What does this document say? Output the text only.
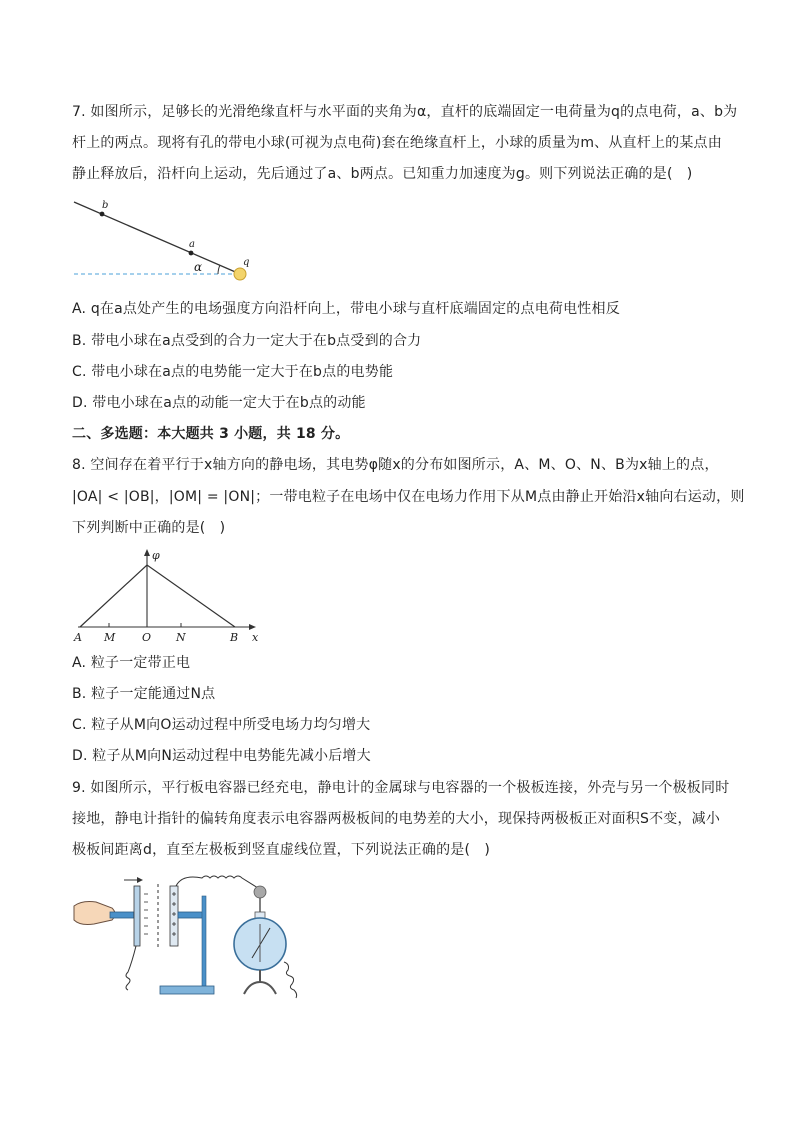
7. 如图所示，足够长的光滑绝缘直杆与水平面的夹角为α，直杆的底端固定一电荷量为q的点电荷，a、b为
杆上的两点。现将有孔的带电小球(可视为点电荷)套在绝缘直杆上，小球的质量为m、从直杆上的某点由
静止释放后，沿杆向上运动，先后通过了a、b两点。已知重力加速度为g。则下列说法正确的是(　)
b
a
α	q
A. q在a点处产生的电场强度方向沿杆向上，带电小球与直杆底端固定的点电荷电性相反
B. 带电小球在a点受到的合力一定大于在b点受到的合力
C. 带电小球在a点的电势能一定大于在b点的电势能
D. 带电小球在a点的动能一定大于在b点的动能
二、多选题：本大题共 3 小题，共 18 分。
8. 空间存在着平行于x轴方向的静电场，其电势φ随x的分布如图所示，A、M、O、N、B为x轴上的点，
|OA| < |OB|，|OM| = |ON|；一带电粒子在电场中仅在电场力作用下从M点由静止开始沿x轴向右运动，则
下列判断中正确的是(　)
φ
A M O N	B x
A. 粒子一定带正电
B. 粒子一定能通过N点
C. 粒子从M向O运动过程中所受电场力均匀增大
D. 粒子从M向N运动过程中电势能先减小后增大
9. 如图所示，平行板电容器已经充电，静电计的金属球与电容器的一个极板连接，外壳与另一个极板同时
接地，静电计指针的偏转角度表示电容器两极板间的电势差的大小，现保持两极板正对面积S不变，减小
极板间距离d，直至左极板到竖直虚线位置，下列说法正确的是(　)
